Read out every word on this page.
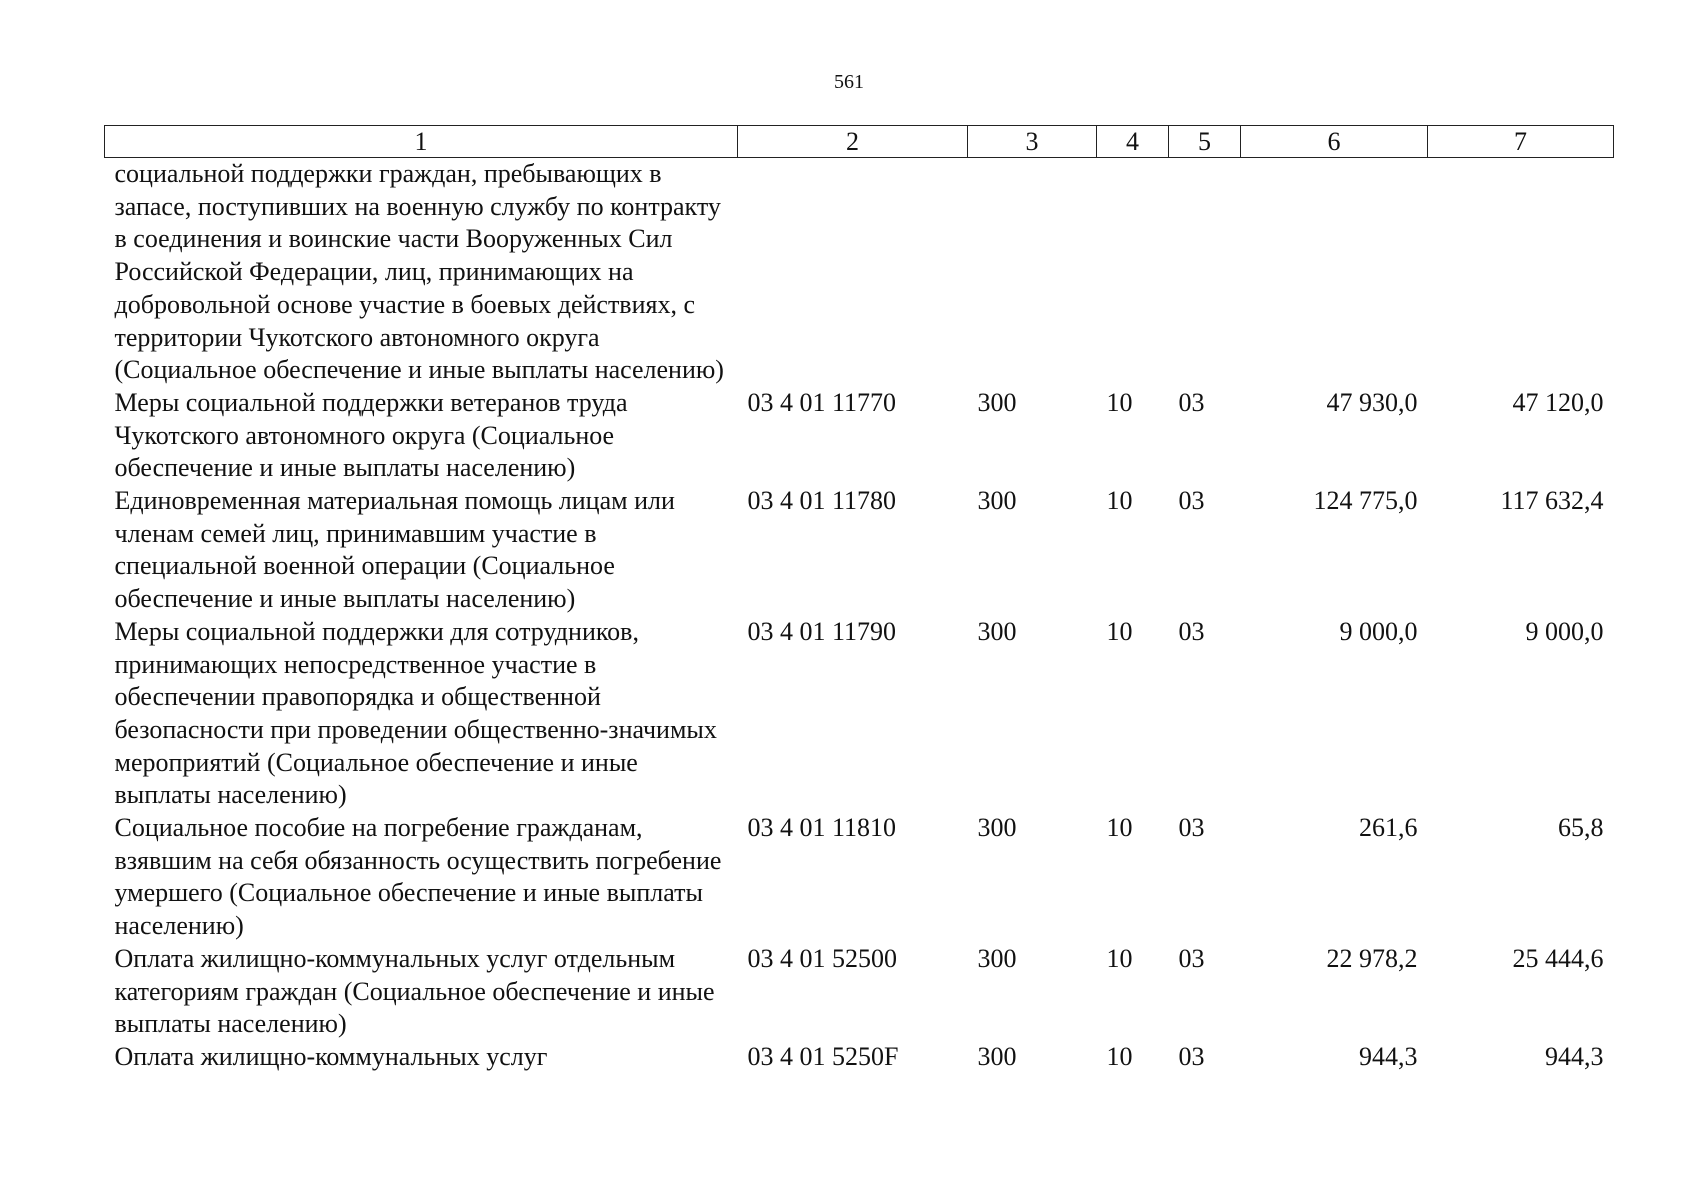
561
1	2	3	4	5	6	7
социальной поддержки граждан, пребывающих в запасе, поступивших на военную службу по контракту в соединения и воинские части Вооруженных Сил Российской Федерации, лиц, принимающих на добровольной основе участие в боевых действиях, с территории Чукотского автономного округа (Социальное обеспечение и иные выплаты населению)						
Меры социальной поддержки ветеранов труда Чукотского автономного округа (Социальное обеспечение и иные выплаты населению)	03 4 01 11770	300	10	03	47 930,0	47 120,0
Единовременная материальная помощь лицам или членам семей лиц, принимавшим участие в специальной военной операции (Социальное обеспечение и иные выплаты населению)	03 4 01 11780	300	10	03	124 775,0	117 632,4
Меры социальной поддержки для сотрудников, принимающих непосредственное участие в обеспечении правопорядка и общественной безопасности при проведении общественно-значимых мероприятий (Социальное обеспечение и иные выплаты населению)	03 4 01 11790	300	10	03	9 000,0	9 000,0
Социальное пособие на погребение гражданам, взявшим на себя обязанность осуществить погребение умершего (Социальное обеспечение и иные выплаты населению)	03 4 01 11810	300	10	03	261,6	65,8
Оплата жилищно-коммунальных услуг отдельным категориям граждан (Социальное обеспечение и иные выплаты населению)	03 4 01 52500	300	10	03	22 978,2	25 444,6
Оплата жилищно-коммунальных услуг	03 4 01 5250F	300	10	03	944,3	944,3
